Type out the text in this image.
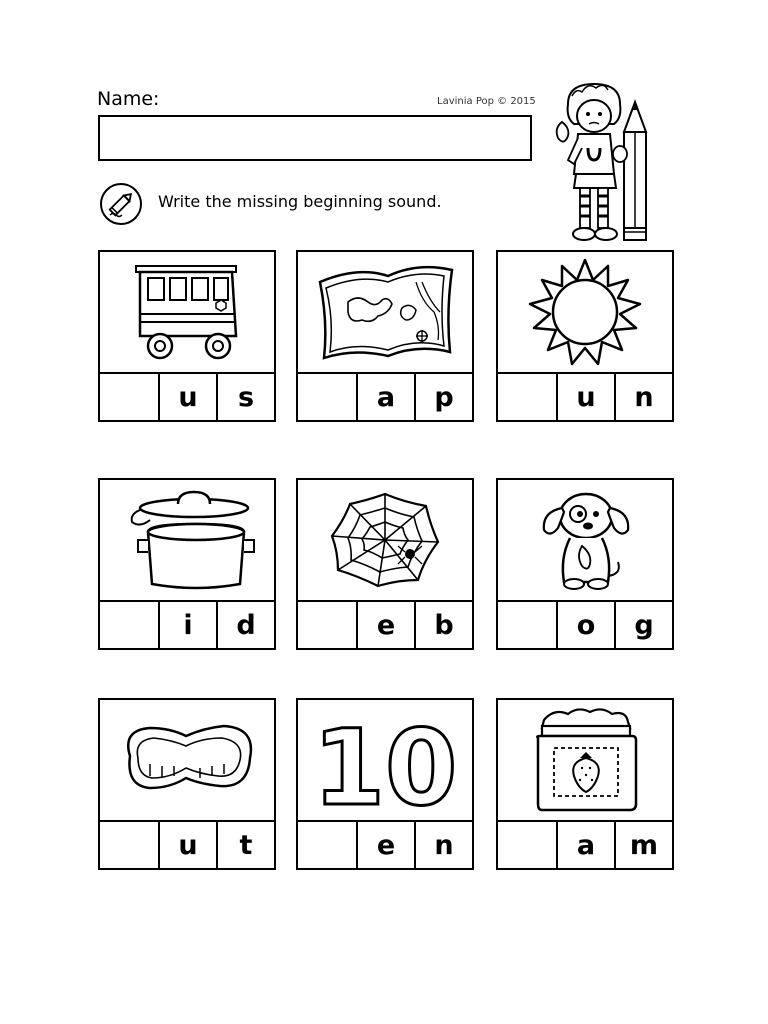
Name:	Lavinia Pop © 2015
Write the missing beginning sound.
u	s	a	p	u	n
i	d	e	b	o	g
u	t
10
e	n	a	m
